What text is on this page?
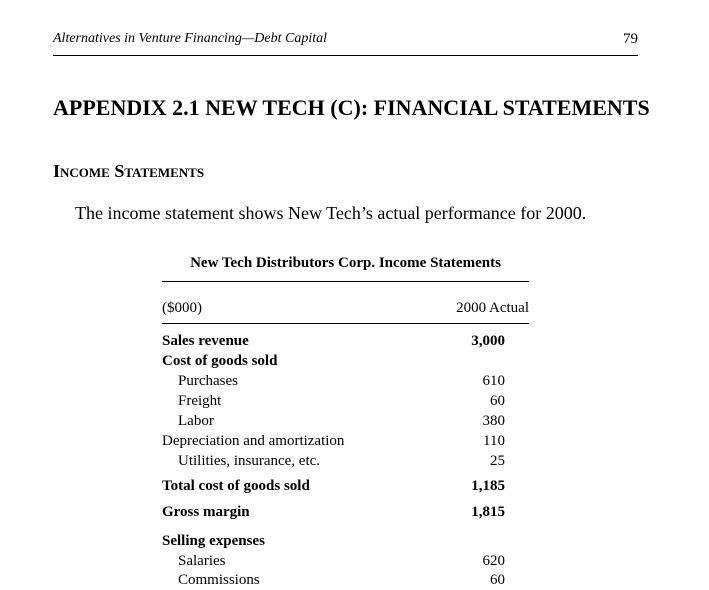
Alternatives in Venture Financing—Debt Capital	79
APPENDIX 2.1 NEW TECH (C): FINANCIAL STATEMENTS
Income Statements

The income statement shows New Tech’s actual performance for 2000.

New Tech Distributors Corp. Income Statements
($000)	2000 Actual
Sales revenue	3,000
Cost of goods sold
Purchases	610
Freight	60
Labor	380
Depreciation and amortization	110
Utilities, insurance, etc.	25
Total cost of goods sold	1,185
Gross margin	1,815
Selling expenses
Salaries	620
Commissions	60
